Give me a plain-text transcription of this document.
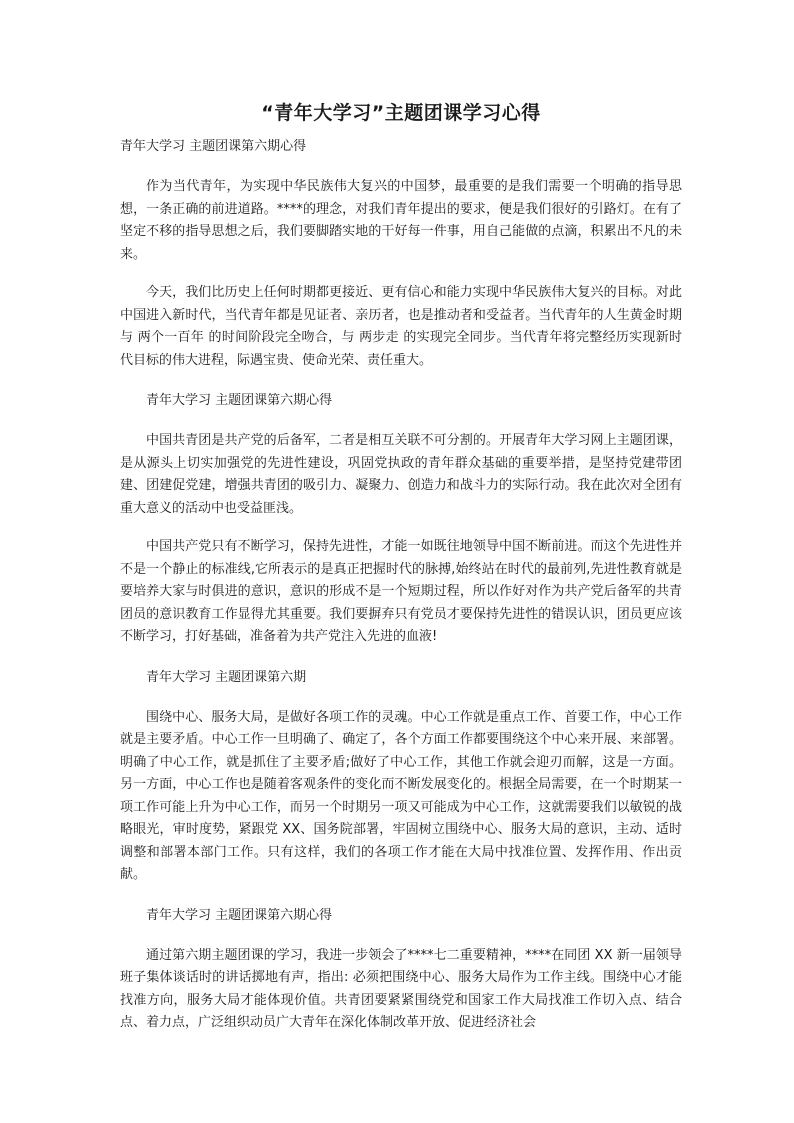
“青年大学习”主题团课学习心得

青年大学习 主题团课第六期心得

作为当代青年，为实现中华民族伟大复兴的中国梦，最重要的是我们需要一个明确的指导思想，一条正确的前进道路。****的理念，对我们青年提出的要求，便是我们很好的引路灯。在有了坚定不移的指导思想之后，我们要脚踏实地的干好每一件事，用自己能做的点滴，积累出不凡的未来。

今天，我们比历史上任何时期都更接近、更有信心和能力实现中华民族伟大复兴的目标。对此中国进入新时代，当代青年都是见证者、亲历者，也是推动者和受益者。当代青年的人生黄金时期与 两个一百年 的时间阶段完全吻合，与 两步走 的实现完全同步。当代青年将完整经历实现新时代目标的伟大进程，际遇宝贵、使命光荣、责任重大。

青年大学习 主题团课第六期心得

中国共青团是共产党的后备军，二者是相互关联不可分割的。开展青年大学习网上主题团课，是从源头上切实加强党的先进性建设，巩固党执政的青年群众基础的重要举措，是坚持党建带团建、团建促党建，增强共青团的吸引力、凝聚力、创造力和战斗力的实际行动。我在此次对全团有重大意义的活动中也受益匪浅。

中国共产党只有不断学习，保持先进性，才能一如既往地领导中国不断前进。而这个先进性并不是一个静止的标准线,它所表示的是真正把握时代的脉搏,始终站在时代的最前列,先进性教育就是要培养大家与时俱进的意识，意识的形成不是一个短期过程，所以作好对作为共产党后备军的共青团员的意识教育工作显得尤其重要。我们要摒弃只有党员才要保持先进性的错误认识，团员更应该不断学习，打好基础，准备着为共产党注入先进的血液!

青年大学习 主题团课第六期

围绕中心、服务大局，是做好各项工作的灵魂。中心工作就是重点工作、首要工作，中心工作就是主要矛盾。中心工作一旦明确了、确定了，各个方面工作都要围绕这个中心来开展、来部署。明确了中心工作，就是抓住了主要矛盾;做好了中心工作，其他工作就会迎刃而解，这是一方面。另一方面，中心工作也是随着客观条件的变化而不断发展变化的。根据全局需要，在一个时期某一项工作可能上升为中心工作，而另一个时期另一项又可能成为中心工作，这就需要我们以敏锐的战略眼光，审时度势，紧跟党 XX、国务院部署，牢固树立围绕中心、服务大局的意识，主动、适时调整和部署本部门工作。只有这样，我们的各项工作才能在大局中找准位置、发挥作用、作出贡献。

青年大学习 主题团课第六期心得

通过第六期主题团课的学习，我进一步领会了****七二重要精神，****在同团 XX 新一届领导班子集体谈话时的讲话掷地有声，指出: 必须把围绕中心、服务大局作为工作主线。围绕中心才能找准方向，服务大局才能体现价值。共青团要紧紧围绕党和国家工作大局找准工作切入点、结合点、着力点，广泛组织动员广大青年在深化体制改革开放、促进经济社会
